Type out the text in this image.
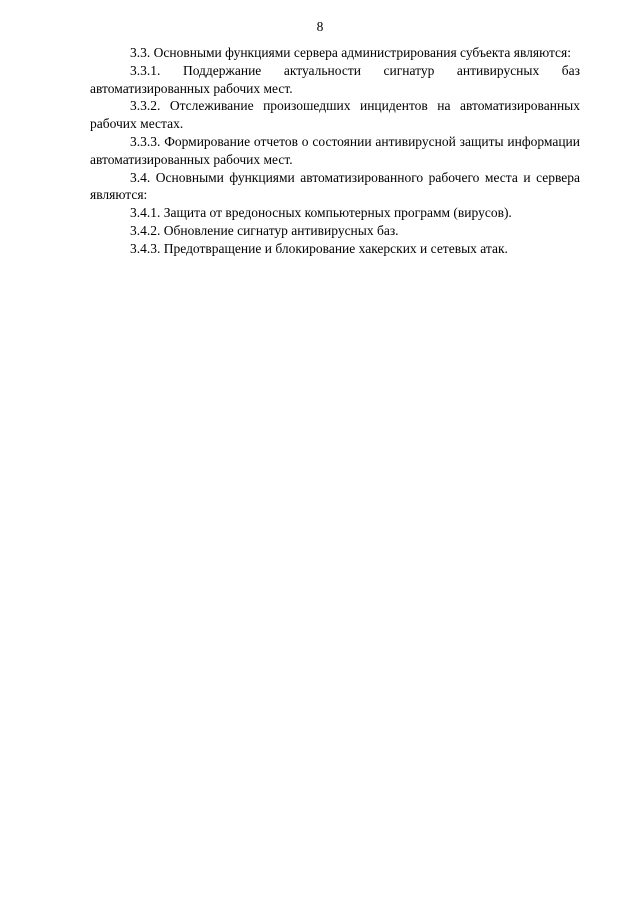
8

3.3. Основными функциями сервера администрирования субъекта являются:

3.3.1. Поддержание актуальности сигнатур антивирусных баз автоматизированных рабочих мест.

3.3.2. Отслеживание произошедших инцидентов на автоматизированных рабочих местах.

3.3.3. Формирование отчетов о состоянии антивирусной защиты информации автоматизированных рабочих мест.

3.4. Основными функциями автоматизированного рабочего места и сервера являются:

3.4.1. Защита от вредоносных компьютерных программ (вирусов).

3.4.2. Обновление сигнатур антивирусных баз.

3.4.3. Предотвращение и блокирование хакерских и сетевых атак.
